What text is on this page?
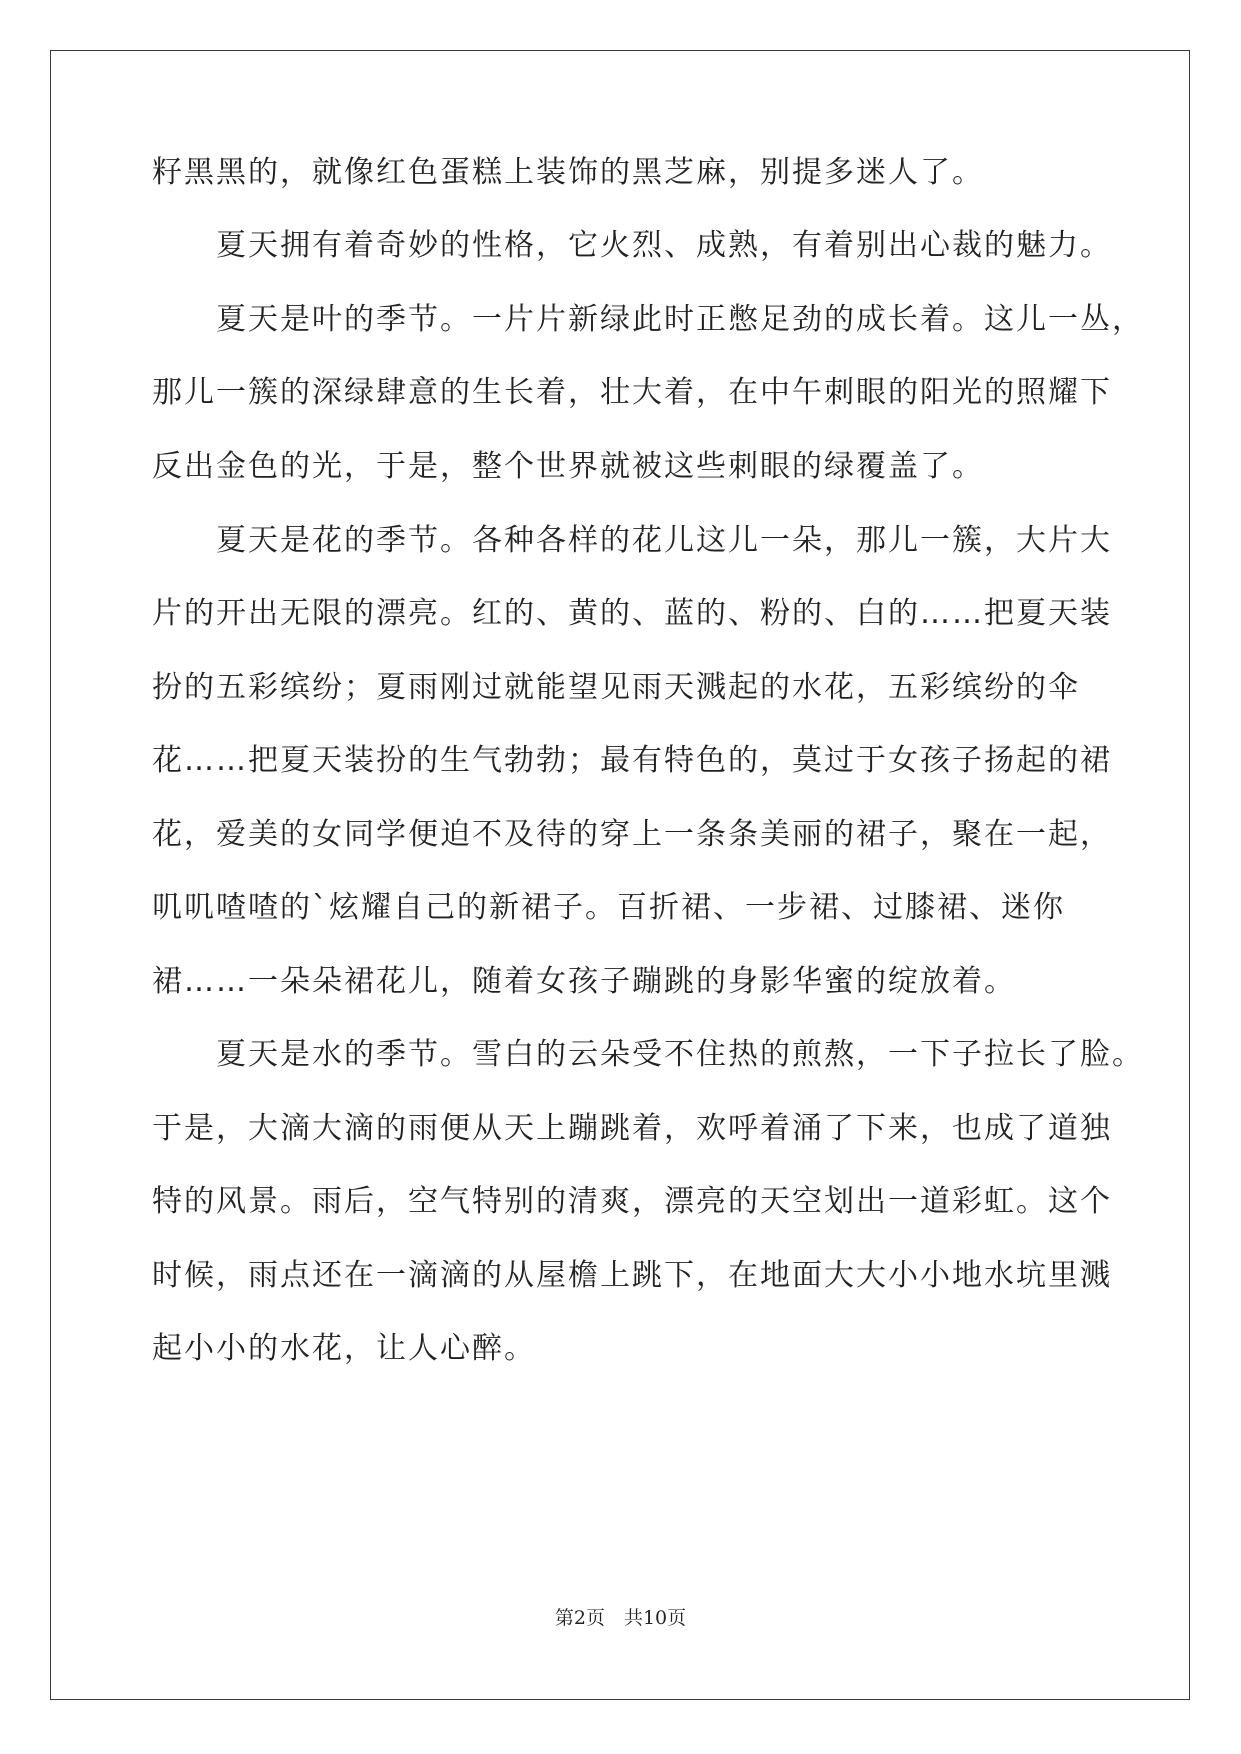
籽黑黑的，就像红色蛋糕上装饰的黑芝麻，别提多迷人了。
　　夏天拥有着奇妙的性格，它火烈、成熟，有着别出心裁的魅力。
　　夏天是叶的季节。一片片新绿此时正憋足劲的成长着。这儿一丛，
那儿一簇的深绿肆意的生长着，壮大着，在中午刺眼的阳光的照耀下
反出金色的光，于是，整个世界就被这些刺眼的绿覆盖了。
　　夏天是花的季节。各种各样的花儿这儿一朵，那儿一簇，大片大
片的开出无限的漂亮。红的、黄的、蓝的、粉的、白的……把夏天装
扮的五彩缤纷；夏雨刚过就能望见雨天溅起的水花，五彩缤纷的伞
花……把夏天装扮的生气勃勃；最有特色的，莫过于女孩子扬起的裙
花，爱美的女同学便迫不及待的穿上一条条美丽的裙子，聚在一起，
叽叽喳喳的`炫耀自己的新裙子。百折裙、一步裙、过膝裙、迷你
裙……一朵朵裙花儿，随着女孩子蹦跳的身影华蜜的绽放着。
　　夏天是水的季节。雪白的云朵受不住热的煎熬，一下子拉长了脸。
于是，大滴大滴的雨便从天上蹦跳着，欢呼着涌了下来，也成了道独
特的风景。雨后，空气特别的清爽，漂亮的天空划出一道彩虹。这个
时候，雨点还在一滴滴的从屋檐上跳下，在地面大大小小地水坑里溅
起小小的水花，让人心醉。
第2页　共10页
